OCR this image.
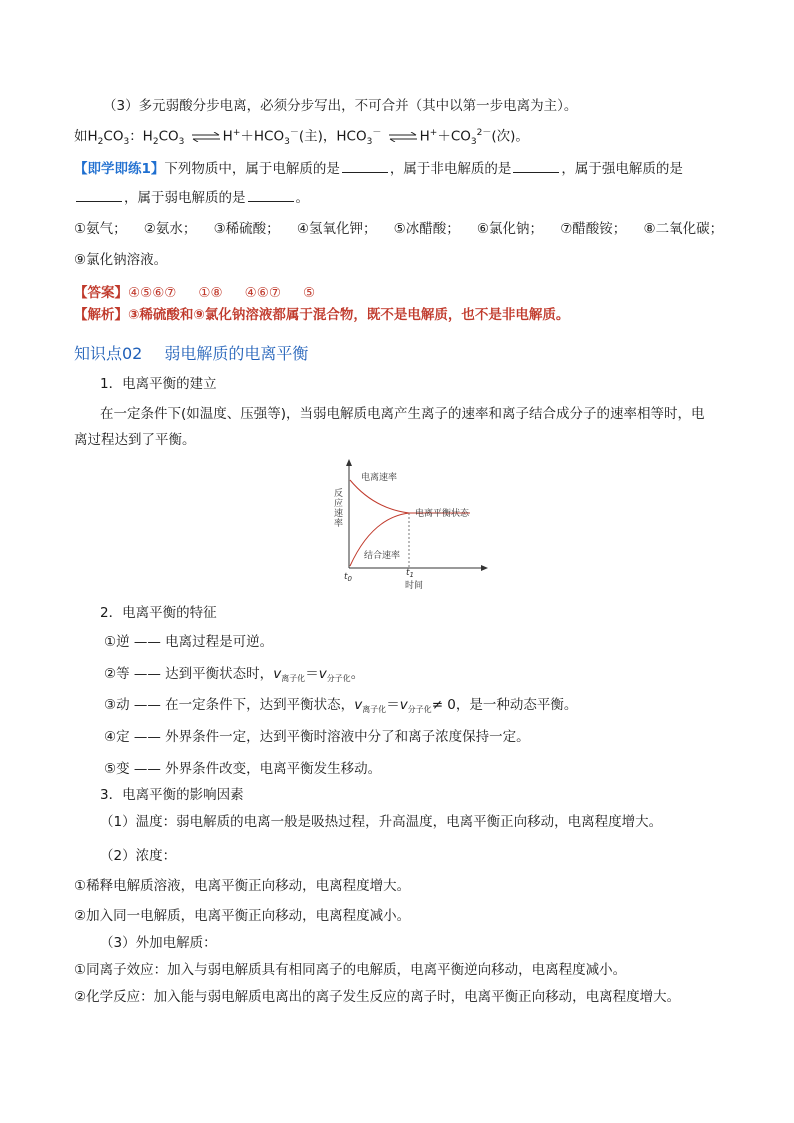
（3）多元弱酸分步电离，必须分步写出，不可合并（其中以第一步电离为主）。
如$H_2CO_3$：$H_2CO_3$ ⇌ $H^++HCO_3^-$(主)，$HCO_3^-$ ⇌ $H^++CO_3^{2-}$(次)。
【即学即练1】下列物质中，属于电解质的是	，属于非电解质的是	，属于强电解质的是
，属于弱电解质的是	。
①氨气； ②氨水； ③稀硫酸； ④氢氧化钾； ⑤冰醋酸； ⑥氯化钠； ⑦醋酸铵； ⑧二氧化碳；
⑨氯化钠溶液。
【答案】④⑤⑥⑦ ①⑧ ④⑥⑦ ⑤
【解析】③稀硫酸和⑨氯化钠溶液都属于混合物，既不是电解质，也不是非电解质。
知识点02 弱电解质的电离平衡
1．电离平衡的建立
在一定条件下(如温度、压强等)，当弱电解质电离产生离子的速率和离子结合成分子的速率相等时，电
离过程达到了平衡。
反 应 速 率
电离速率
结合速率
电离平衡状态
$t_0$
$t_1$
时间
2．电离平衡的特征
①逆 —— 电离过程是可逆。
②等 —— 达到平衡状态时，$v_{离子化}=v_{分子化}$。
③动 —— 在一定条件下，达到平衡状态，$v_{离子化}=v_{分子化}\ne 0$，是一种动态平衡。
④定 —— 外界条件一定，达到平衡时溶液中分了和离子浓度保持一定。
⑤变 —— 外界条件改变，电离平衡发生移动。
3．电离平衡的影响因素
（1）温度：弱电解质的电离一般是吸热过程，升高温度，电离平衡正向移动，电离程度增大。
（2）浓度：
①稀释电解质溶液，电离平衡正向移动，电离程度增大。
②加入同一电解质，电离平衡正向移动，电离程度减小。
（3）外加电解质：
①同离子效应：加入与弱电解质具有相同离子的电解质，电离平衡逆向移动，电离程度减小。
②化学反应：加入能与弱电解质电离出的离子发生反应的离子时，电离平衡正向移动，电离程度增大。
